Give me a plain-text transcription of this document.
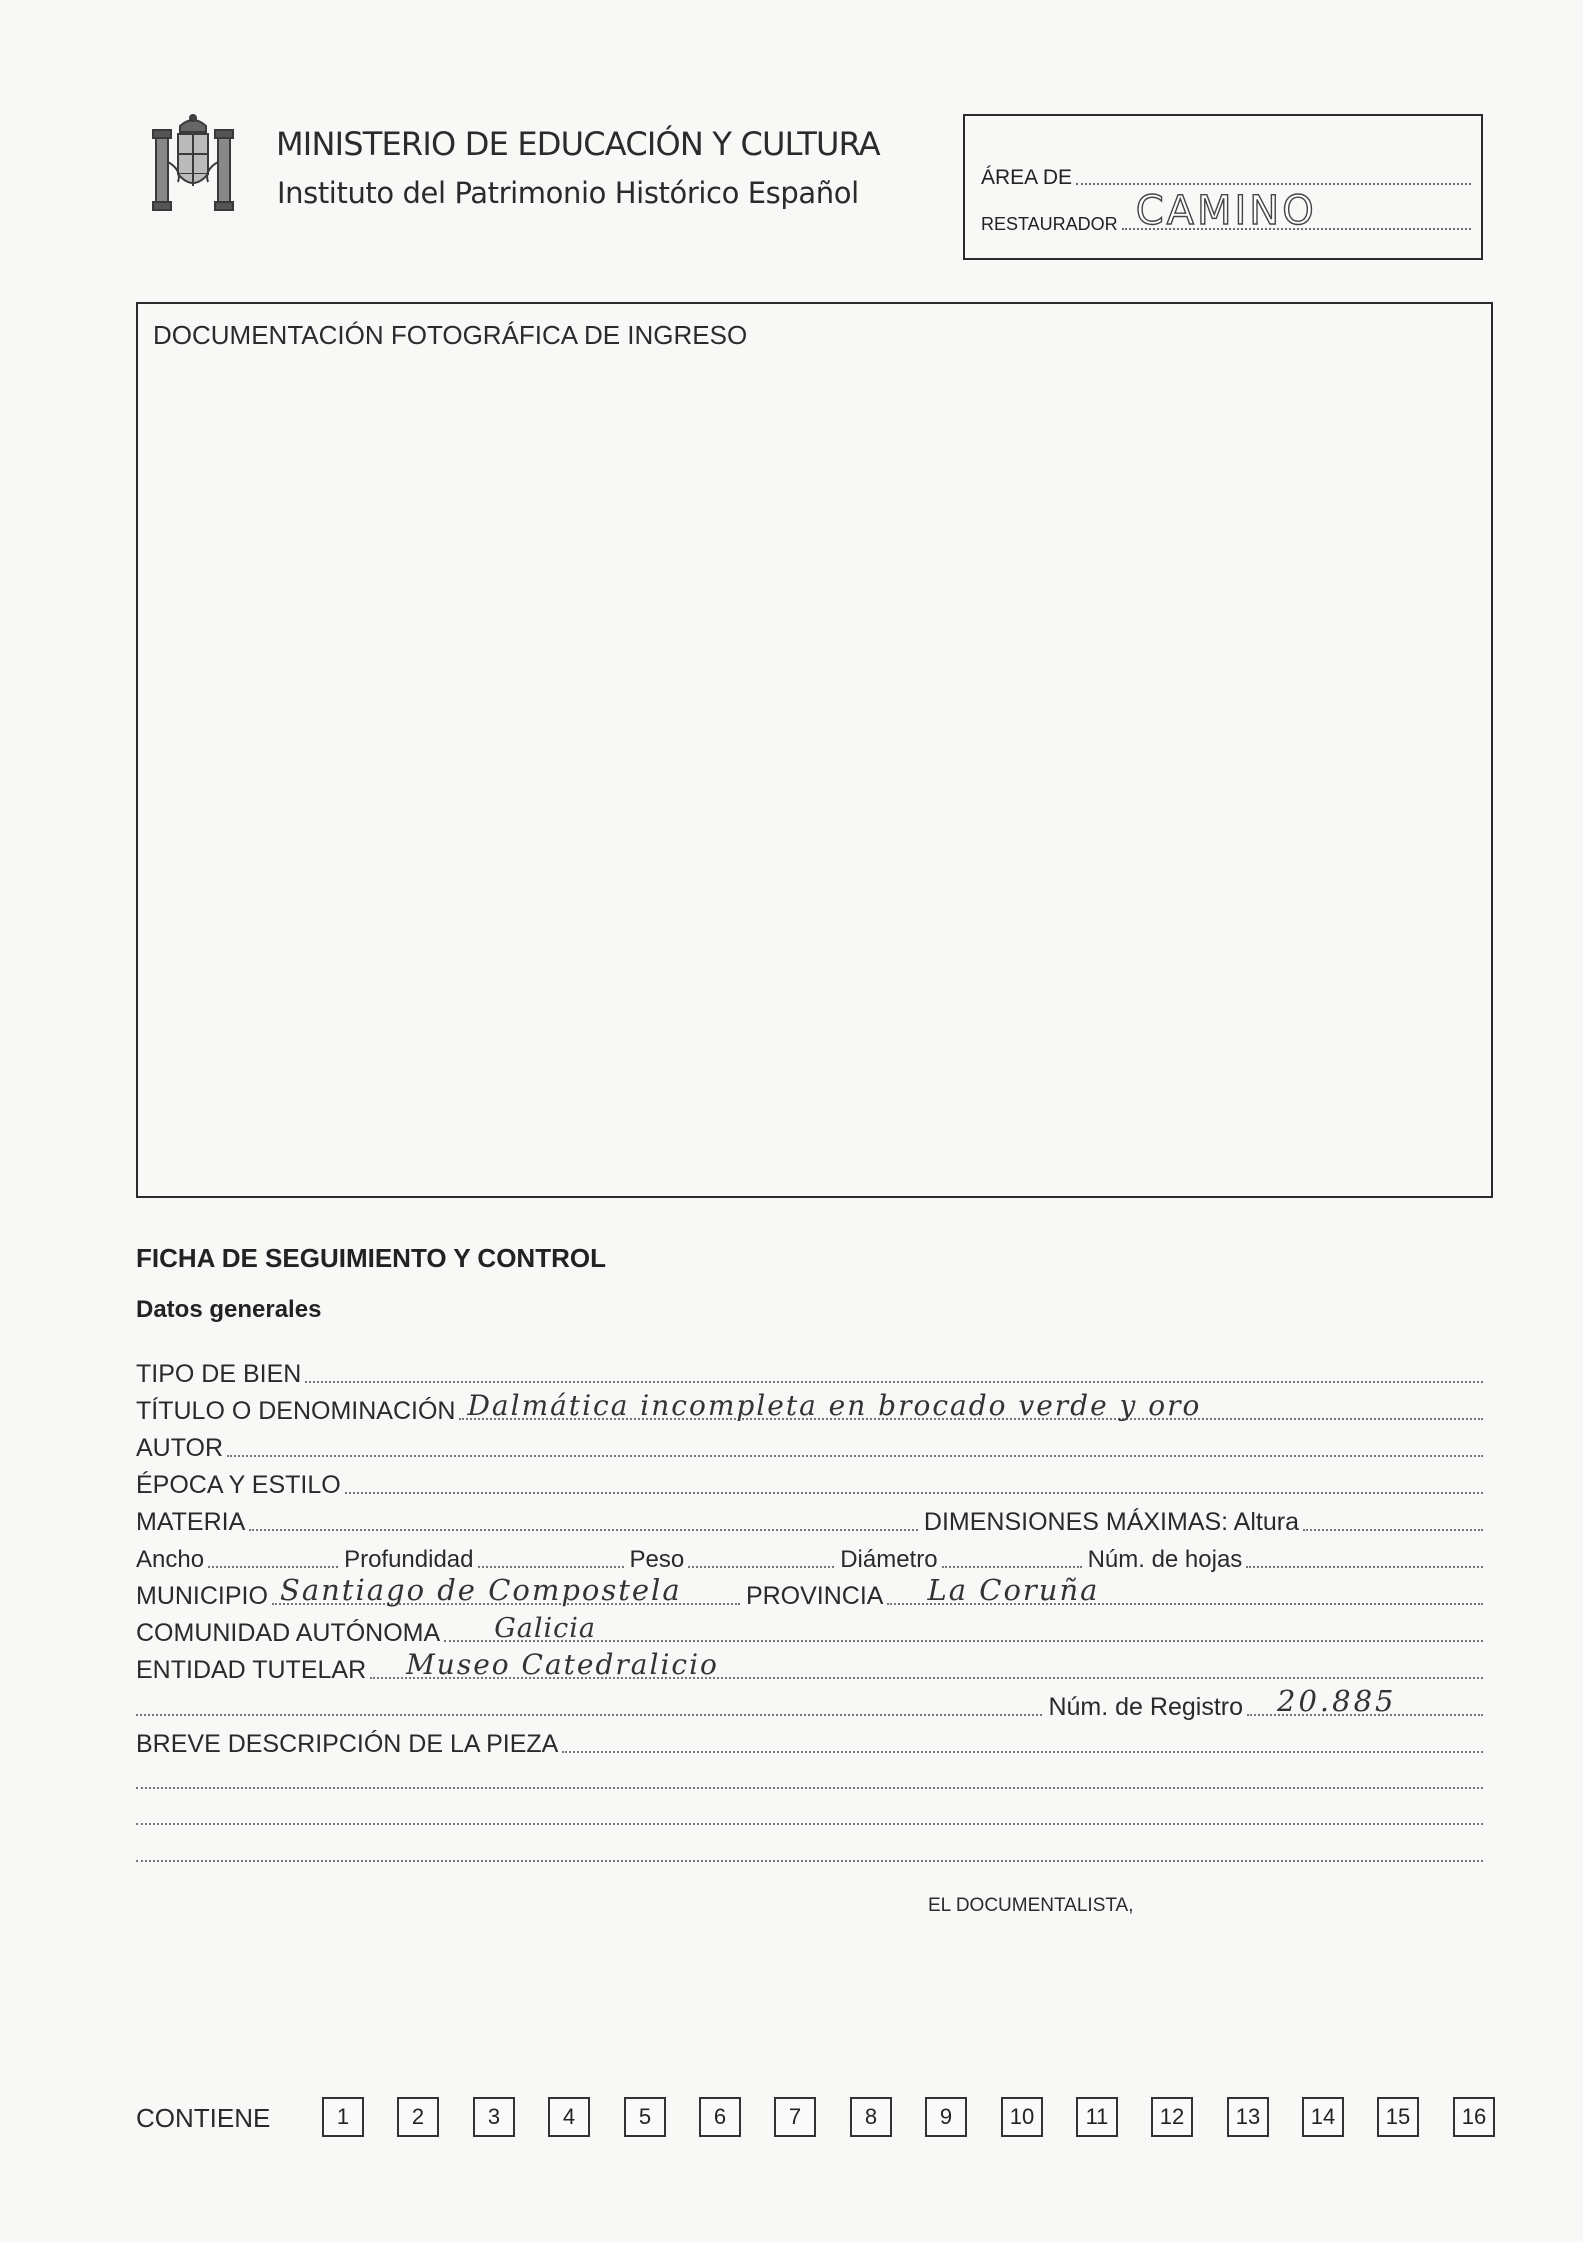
MINISTERIO DE EDUCACIÓN Y CULTURA
Instituto del Patrimonio Histórico Español	ÁREA DE
RESTAURADOR CAMINO
DOCUMENTACIÓN FOTOGRÁFICA DE INGRESO
FICHA DE SEGUIMIENTO Y CONTROL
Datos generales
TIPO DE BIEN
TÍTULO O DENOMINACIÓN Dalmática incompleta en brocado verde y oro
AUTOR
ÉPOCA Y ESTILO
MATERIA	DIMENSIONES MÁXIMAS: Altura
Ancho	Profundidad	Peso	Diámetro	Núm. de hojas
MUNICIPIO Santiago de Compostela	PROVINCIA La Coruña
COMUNIDAD AUTÓNOMA Galicia
ENTIDAD TUTELAR Museo Catedralicio
Núm. de Registro 20.885
BREVE DESCRIPCIÓN DE LA PIEZA
EL DOCUMENTALISTA,
CONTIENE	1	2	3	4	5	6	7	8	9	10	11	12	13	14	15	16
